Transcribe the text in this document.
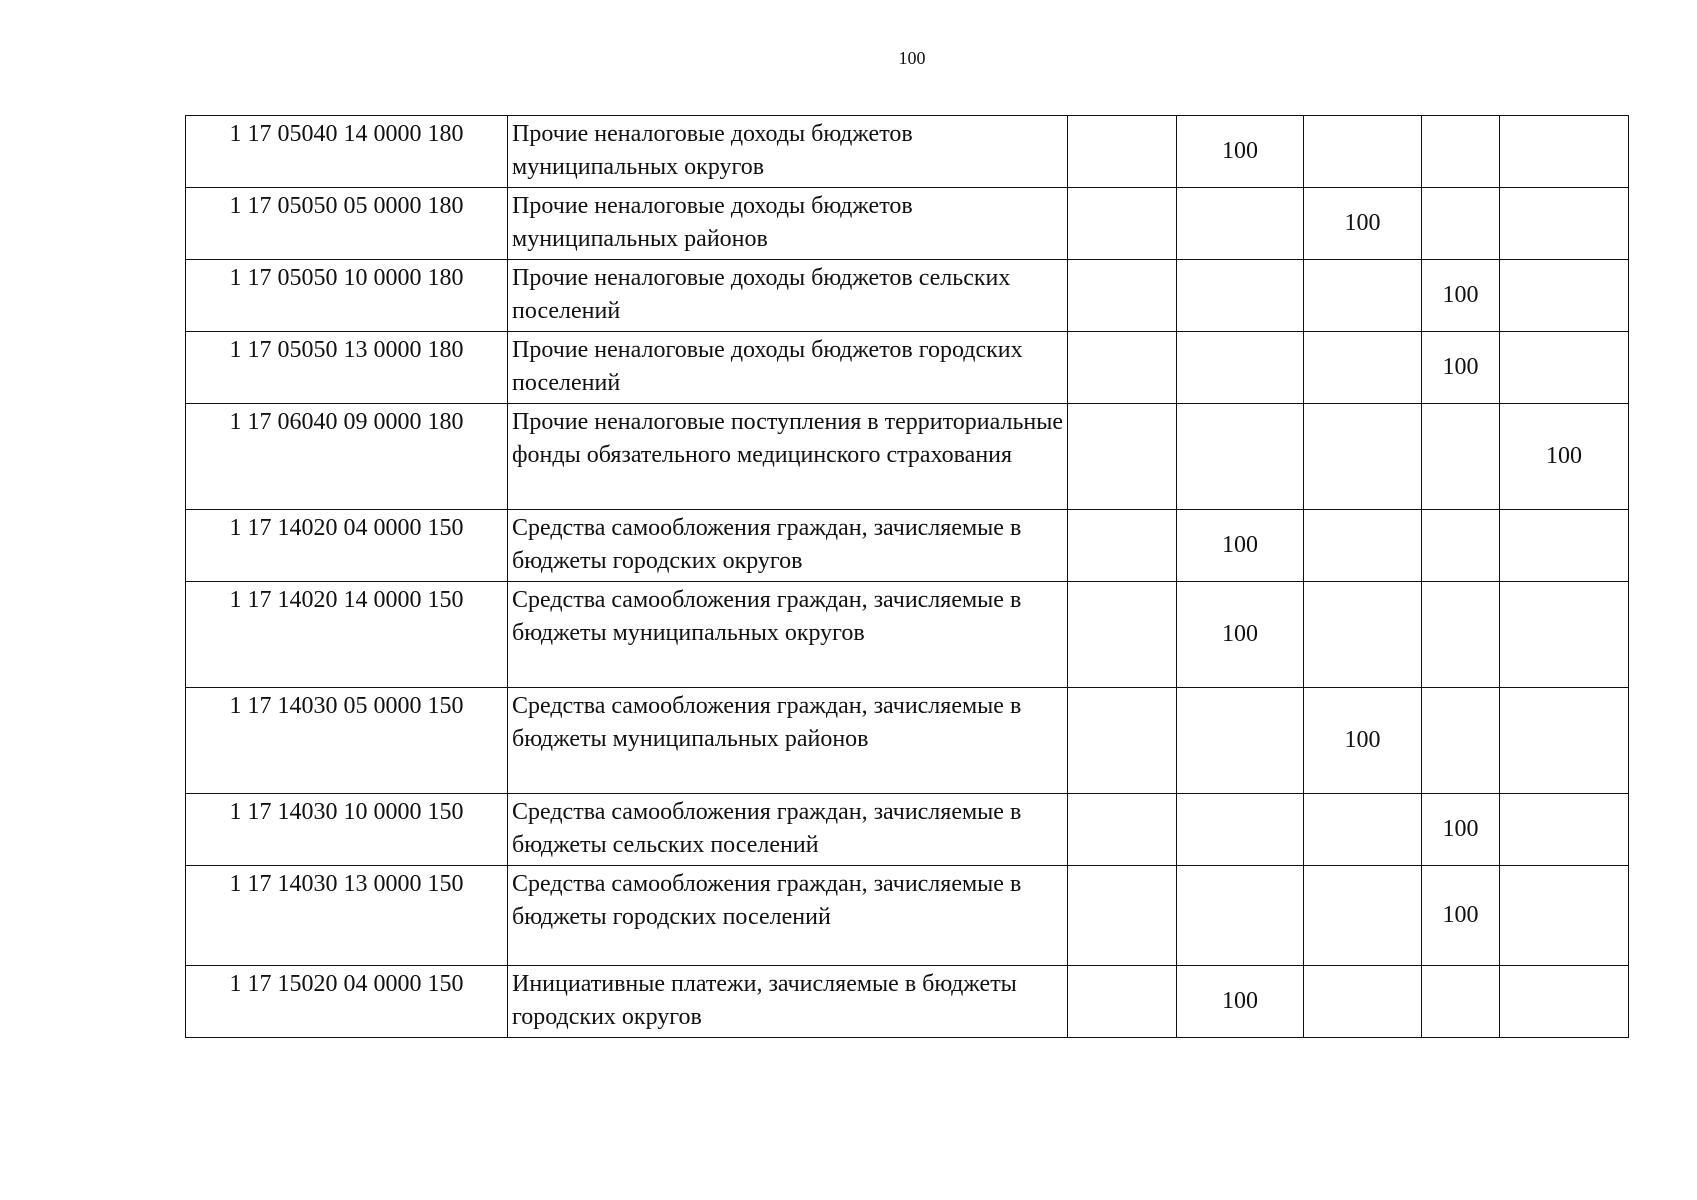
100
1 17 05040 14 0000 180	Прочие неналоговые доходы бюджетов муниципальных округов		100			
1 17 05050 05 0000 180	Прочие неналоговые доходы бюджетов муниципальных районов			100		
1 17 05050 10 0000 180	Прочие неналоговые доходы бюджетов сельских поселений				100	
1 17 05050 13 0000 180	Прочие неналоговые доходы бюджетов городских поселений				100	
1 17 06040 09 0000 180	Прочие неналоговые поступления в территориальные фонды обязательного медицинского страхования					100
1 17 14020 04 0000 150	Средства самообложения граждан, зачисляемые в бюджеты городских округов		100			
1 17 14020 14 0000 150	Средства самообложения граждан, зачисляемые в бюджеты муниципальных округов		100			
1 17 14030 05 0000 150	Средства самообложения граждан, зачисляемые в бюджеты муниципальных районов			100		
1 17 14030 10 0000 150	Средства самообложения граждан, зачисляемые в бюджеты сельских поселений				100	
1 17 14030 13 0000 150	Средства самообложения граждан, зачисляемые в бюджеты городских поселений				100	
1 17 15020 04 0000 150	Инициативные платежи, зачисляемые в бюджеты городских округов		100			
